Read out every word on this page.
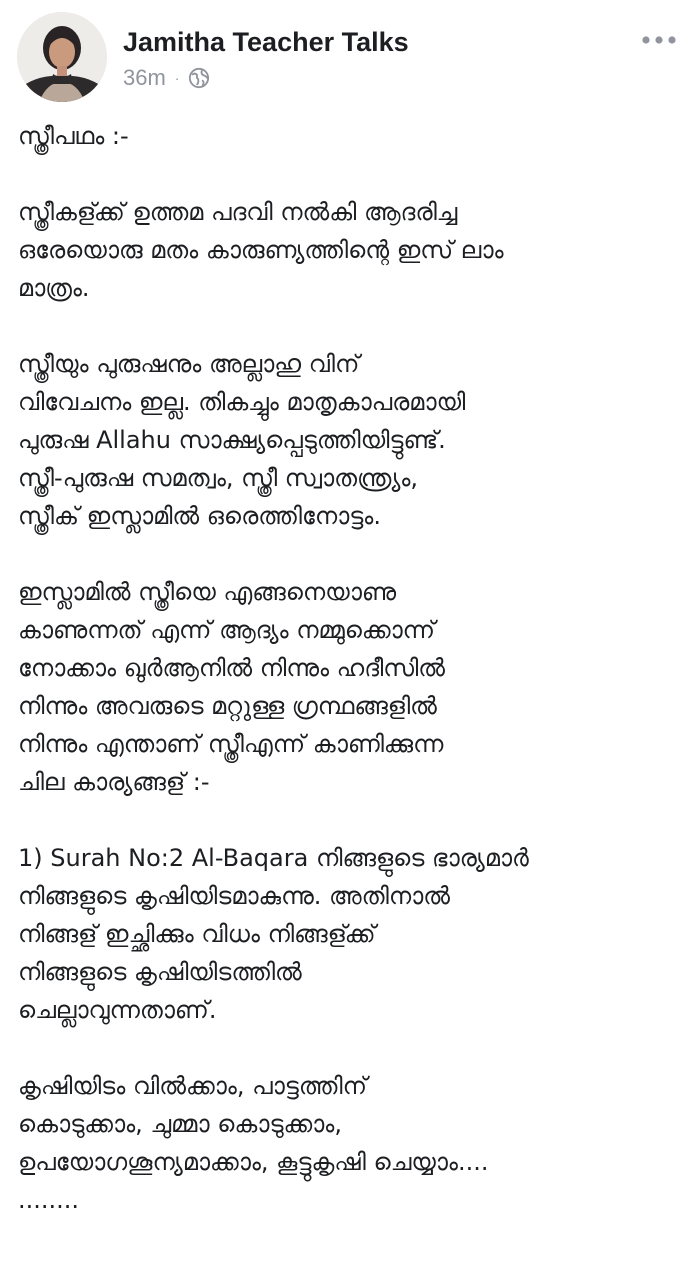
Jamitha Teacher Talks
36m ·

സ്ത്രീപഥം :-

സ്ത്രീകള്ക്ക് ഉത്തമ പദവി നൽകി ആദരിച്ച
ഒരേയൊരു മതം കാരുണ്യത്തിന്റെ ഇസ് ലാം
മാത്രം.

സ്ത്രീയും പുരുഷനും അല്ലാഹു വിന്
വിവേചനം ഇല്ല. തികച്ചും മാതൃകാപരമായി
പുരുഷ Allahu സാക്ഷ്യപ്പെടുത്തിയിട്ടുണ്ട്.
സ്ത്രീ-പുരുഷ സമത്വം, സ്ത്രീ സ്വാതന്ത്ര്യം,
സ്ത്രീക് ഇസ്ലാമിൽ ഒരെത്തിനോട്ടം.

ഇസ്ലാമിൽ സ്ത്രീയെ എങ്ങനെയാണു
കാണുന്നത് എന്ന് ആദ്യം നമ്മുക്കൊന്ന്
നോക്കാം ഖുർആനിൽ നിന്നും ഹദീസിൽ
നിന്നും അവരുടെ മറ്റുള്ള ഗ്രന്ഥങ്ങളിൽ
നിന്നും എന്താണ് സ്ത്രീഎന്ന് കാണിക്കുന്ന
ചില കാര്യങ്ങള് :-

1) Surah No:2 Al-Baqara നിങ്ങളുടെ ഭാര്യമാർ
നിങ്ങളുടെ കൃഷിയിടമാകുന്നു. അതിനാൽ
നിങ്ങള് ഇച്ഛിക്കും വിധം നിങ്ങള്ക്ക്
നിങ്ങളുടെ കൃഷിയിടത്തിൽ
ചെല്ലാവുന്നതാണ്.

കൃഷിയിടം വിൽക്കാം, പാട്ടത്തിന്
കൊടുക്കാം, ചുമ്മാ കൊടുക്കാം,
ഉപയോഗശൂന്യമാക്കാം, കൂട്ടുകൃഷി ചെയ്യാം....
........
